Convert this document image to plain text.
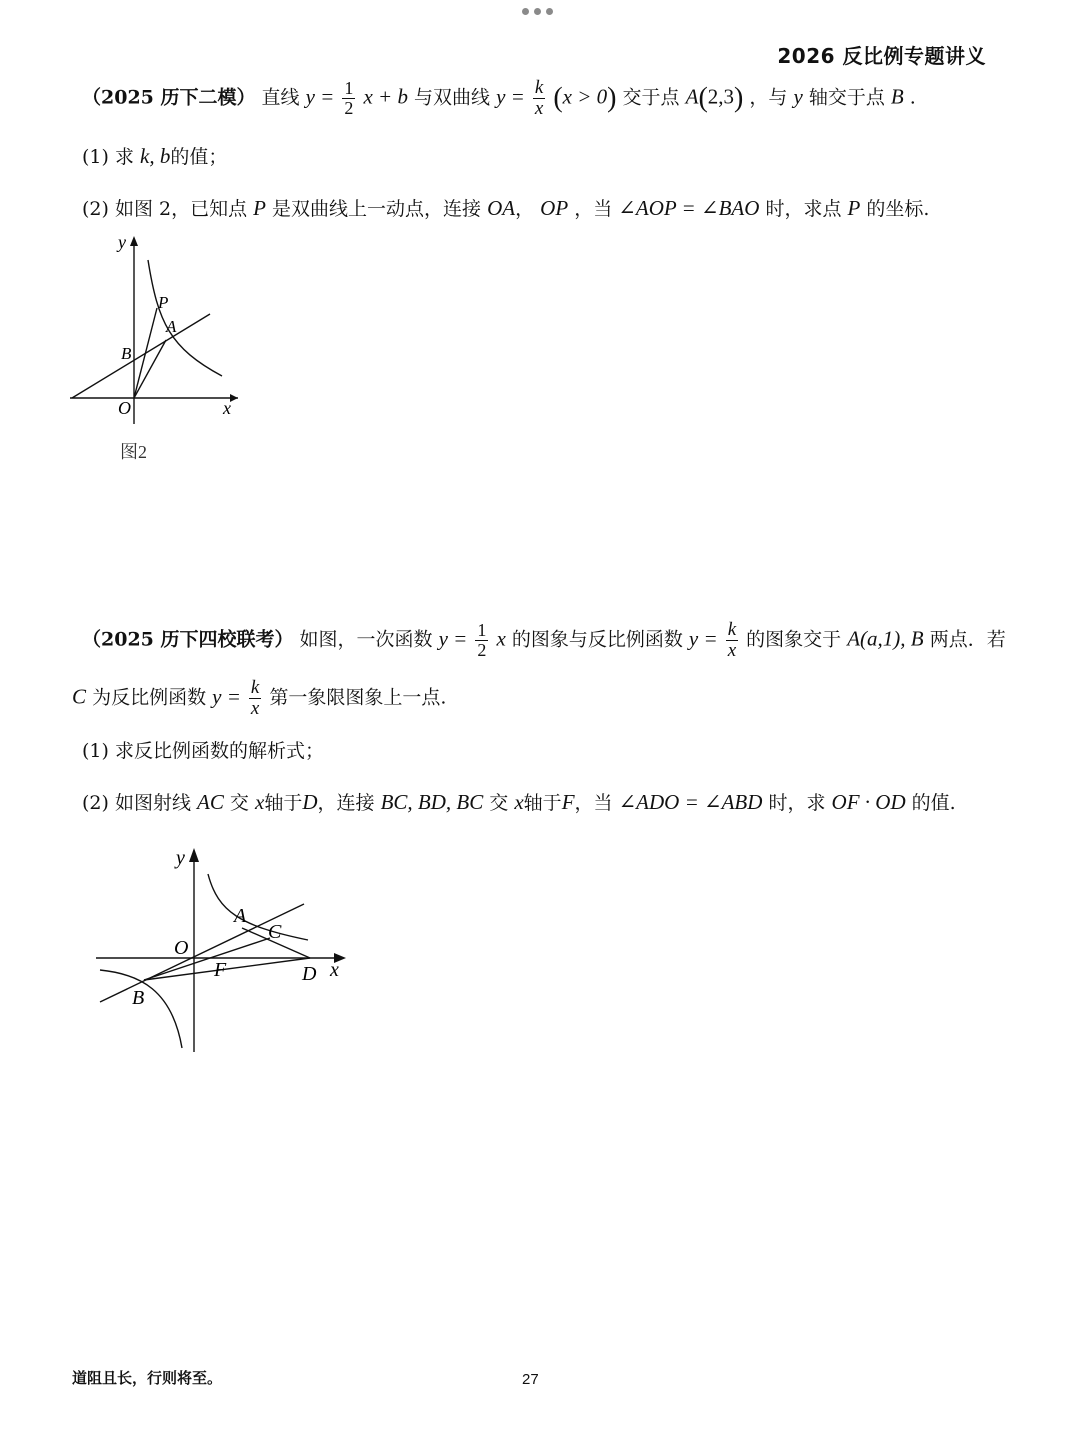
2026 反比例专题讲义
（2025 历下二模） 直线 $y = \frac{1}{2}$ x + b 与双曲线 $y = \frac{k}{x} (x > 0)$ 交于点 A(2,3) ，与 y 轴交于点 B .
(1) 求 k, b的值；
(2) 如图 2，已知点 P 是双曲线上一动点，连接 OA， OP ，当 ∠AOP = ∠BAO 时，求点 P 的坐标.
y
x
O
P
A
B
图2
（2025 历下四校联考） 如图，一次函数 $y = \frac{1}{2}$ x 的图象与反比例函数 $y = \frac{k}{x}$ 的图象交于 A(a,1), B 两点．若
C 为反比例函数 $y = \frac{k}{x}$ 第一象限图象上一点.
(1) 求反比例函数的解析式；
(2) 如图射线 AC 交 x轴于D，连接 BC, BD, BC 交 x轴于F，当 ∠ADO = ∠ABD 时，求 OF · OD 的值.
y
x
O
A
C
D
F
B
道阻且长，行则将至。	27
